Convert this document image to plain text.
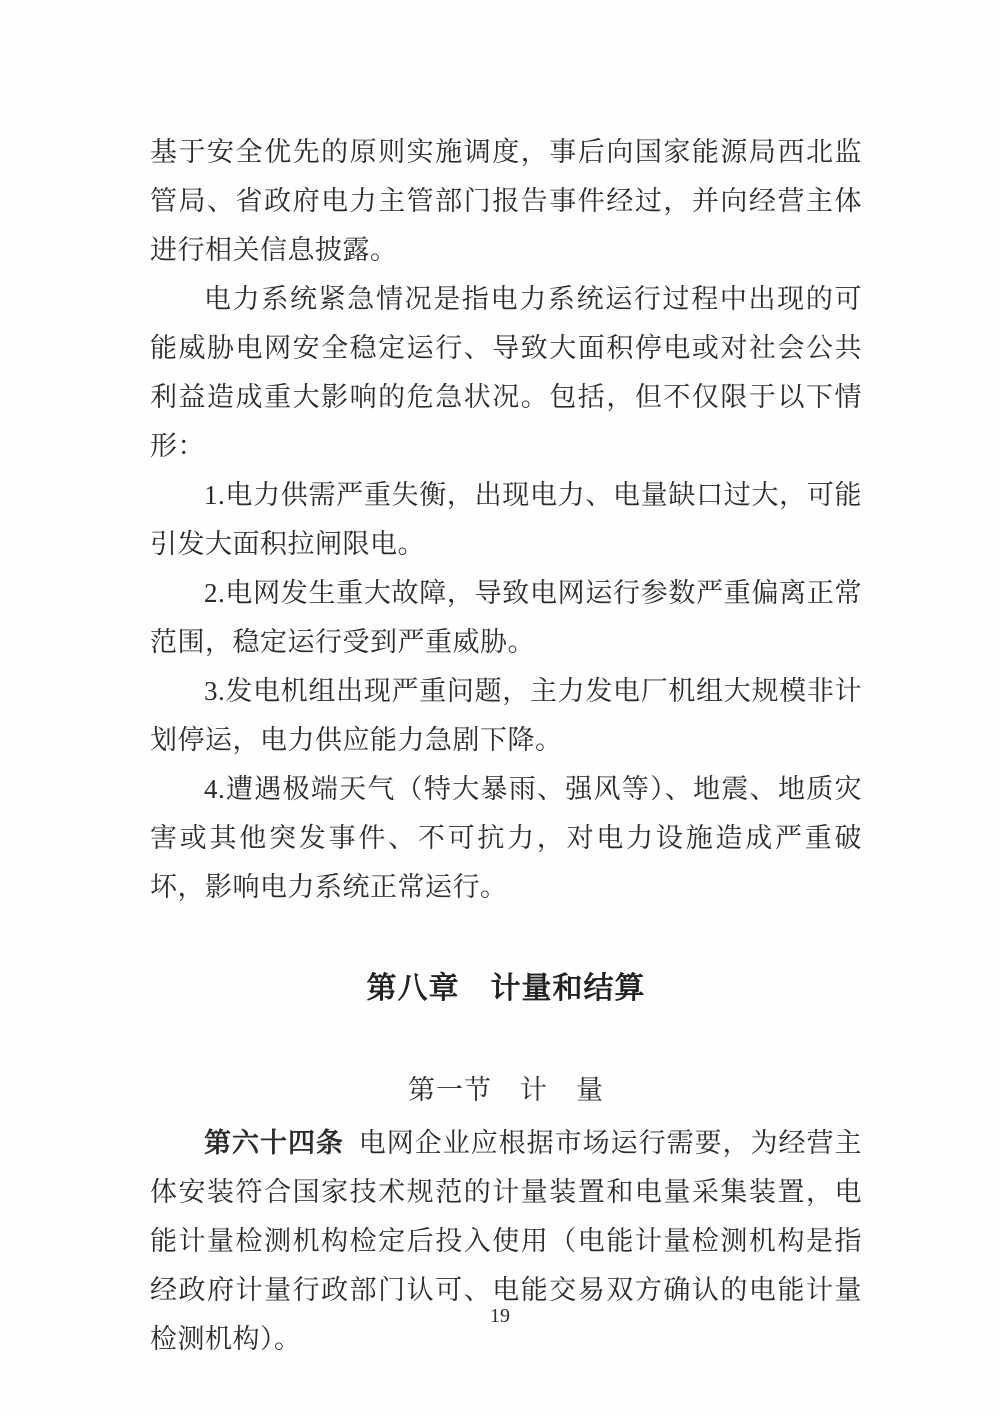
基于安全优先的原则实施调度，事后向国家能源局西北监管局、省政府电力主管部门报告事件经过，并向经营主体进行相关信息披露。

电力系统紧急情况是指电力系统运行过程中出现的可能威胁电网安全稳定运行、导致大面积停电或对社会公共利益造成重大影响的危急状况。包括，但不仅限于以下情形：

1.电力供需严重失衡，出现电力、电量缺口过大，可能引发大面积拉闸限电。

2.电网发生重大故障，导致电网运行参数严重偏离正常范围，稳定运行受到严重威胁。

3.发电机组出现严重问题，主力发电厂机组大规模非计划停运，电力供应能力急剧下降。

4.遭遇极端天气（特大暴雨、强风等）、地震、地质灾害或其他突发事件、不可抗力，对电力设施造成严重破坏，影响电力系统正常运行。

第八章　计量和结算
第一节　计　量

第六十四条 电网企业应根据市场运行需要，为经营主体安装符合国家技术规范的计量装置和电量采集装置，电能计量检测机构检定后投入使用（电能计量检测机构是指经政府计量行政部门认可、电能交易双方确认的电能计量检测机构）。

19
